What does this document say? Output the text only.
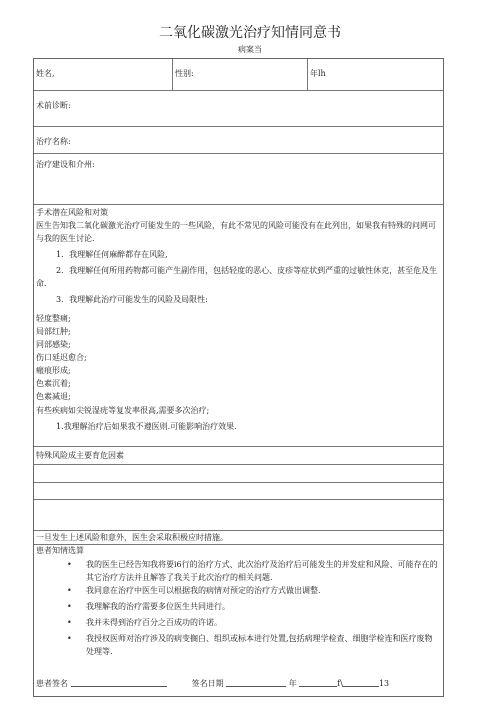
二氧化碳激光治疗知情同意书
病案当
姓名,	性别:	年lh
术前诊断:
治疗名称:
治疗建设和介州:
手术潜在风险和对策
医生告知我二氧化碳激光治疗可能发生的一些风险，有此不常见的风险可能没有在此列出，如果我有特殊的问网可与我的医生讨论.
1．我理解任何麻醉都存在风险,
2．我理解任何所用药物都可能产生副作用，包括轻度的恶心、皮疹等症状到严重的过敏性休克，甚至危及生命.
3．我理解此治疗可能发生的风险及局限性:
轻度整痛;
局部红肿;
同部感染;
伤口延迟愈合;
瘢痕形成;
色素沉着;
色素减退;
有些疾病如尖锐湿疣等复发率很高,需要多次治疗;
1.我理解治疗后如果我不遵医则.可能影响治疗效果.
特殊风险成主要育危因素
一旦发生上述风险和意外，医生会采取积极应时措施。
患者知情选算
• 我的医生已经告知我将要i6行的治疗方式、此次治疗及治疗后可能发生的并发症和风险、可能存在的其它治疗方法并且解答了我关于此次治疗的相关问题.
• 我同意在治疗中医生可以根据我的病情对预定的治疗方式做出调整.
• 我理解我的治疗需要多位医生共同进行。
• 我并未得到治疗百分之百成功的许诺。
• 我授权医师对治疗涉及的病变搁白、组织或标本进行处置,包括病理学检查、细胞学检连和医疗废物处理等.
患者签名	签名日期	年	f\	13
